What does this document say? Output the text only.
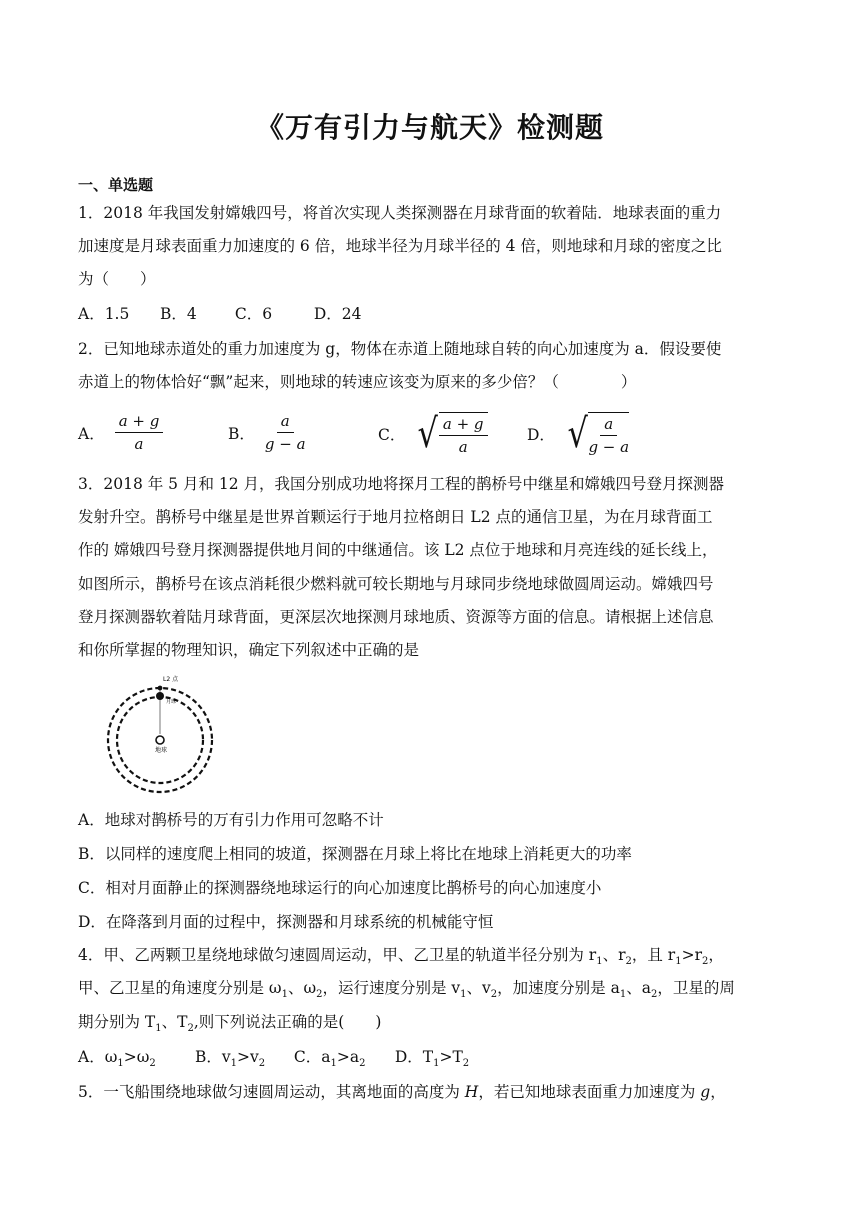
《万有引力与航天》检测题
一、单选题
1．2018 年我国发射嫦娥四号，将首次实现人类探测器在月球背面的软着陆．地球表面的重力
加速度是月球表面重力加速度的 6 倍，地球半径为月球半径的 4 倍，则地球和月球的密度之比
为（　　）
A．1.5 B．4 C．6	D．24
2．已知地球赤道处的重力加速度为 g，物体在赤道上随地球自转的向心加速度为 a．假设要使
赤道上的物体恰好“飘”起来，则地球的转速应该变为原来的多少倍？（　　　　）
A． $\frac{a + g}{a}$	B． $\frac{a}{g - a}$	C． √ $\frac{a + g}{a}$	D． √ $\frac{a}{g - a}$
3．2018 年 5 月和 12 月，我国分别成功地将探月工程的鹊桥号中继星和嫦娥四号登月探测器
发射升空。鹊桥号中继星是世界首颗运行于地月拉格朗日 L2 点的通信卫星，为在月球背面工
作的 嫦娥四号登月探测器提供地月间的中继通信。该 L2 点位于地球和月亮连线的延长线上，
如图所示，鹊桥号在该点消耗很少燃料就可较长期地与月球同步绕地球做圆周运动。嫦娥四号
登月探测器软着陆月球背面，更深层次地探测月球地质、资源等方面的信息。请根据上述信息
和你所掌握的物理知识，确定下列叙述中正确的是
L2 点
月球
地球
A．地球对鹊桥号的万有引力作用可忽略不计
B．以同样的速度爬上相同的坡道，探测器在月球上将比在地球上消耗更大的功率
C．相对月面静止的探测器绕地球运行的向心加速度比鹊桥号的向心加速度小
D．在降落到月面的过程中，探测器和月球系统的机械能守恒
4．甲、乙两颗卫星绕地球做匀速圆周运动，甲、乙卫星的轨道半径分别为 $r_1$、$r_2$，且 $r_1>r_2$，
甲、乙卫星的角速度分别是 $\omega_1$、$\omega_2$，运行速度分别是 $v_1$、$v_2$，加速度分别是 $a_1$、$a_2$，卫星的周
期分别为 $T_1$、$T_2$,则下列说法正确的是(　　)
A．$\omega_1>\omega_2$	B．$v_1>v_2$ C．$a_1>a_2$ D．$T_1>T_2$
5．一飞船围绕地球做匀速圆周运动，其离地面的高度为 H，若已知地球表面重力加速度为 g，
